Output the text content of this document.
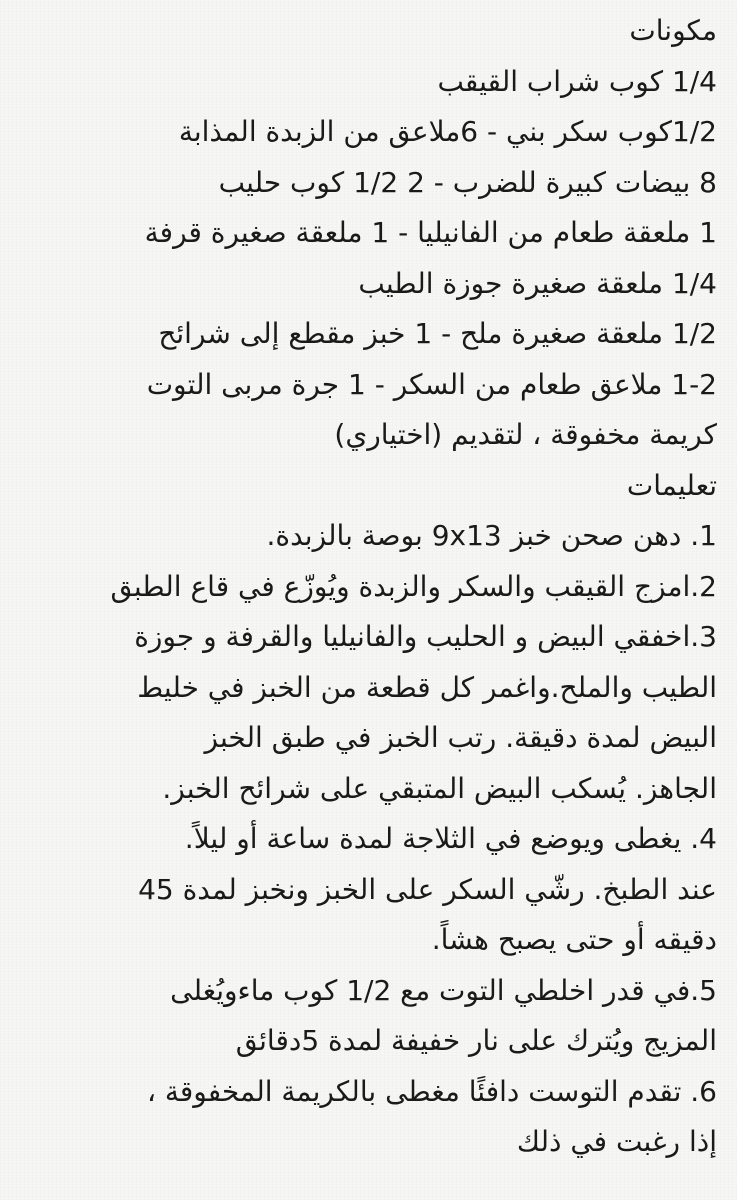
مكونات
1/4 كوب شراب القيقب
1/2كوب سكر بني - 6ملاعق من الزبدة المذابة
8 بيضات كبيرة للضرب - 2 1/2 كوب حليب
1 ملعقة طعام من الفانيليا - 1 ملعقة صغيرة قرفة
1/4 ملعقة صغيرة جوزة الطيب
1/2 ملعقة صغيرة ملح - 1 خبز مقطع إلى شرائح
1-2 ملاعق طعام من السكر - 1 جرة مربى التوت
كريمة مخفوقة ، لتقديم (اختياري)
تعليمات
1. دهن صحن خبز 9x13 بوصة بالزبدة.
2.امزج القيقب والسكر والزبدة ويُوزّع في قاع الطبق
3.اخفقي البيض و الحليب والفانيليا والقرفة و جوزة
الطيب والملح.واغمر كل قطعة من الخبز في خليط
البيض لمدة دقيقة. رتب الخبز في طبق الخبز
الجاهز. يُسكب البيض المتبقي على شرائح الخبز.
4. يغطى ويوضع في الثلاجة لمدة ساعة أو ليلاً.
عند الطبخ. رشّي السكر على الخبز ونخبز لمدة 45
دقيقه أو حتى يصبح هشاً.
5.في قدر اخلطي التوت مع 1/2 كوب ماءويُغلى
المزيج ويُترك على نار خفيفة لمدة 5دقائق
6. تقدم التوست دافئًا مغطى بالكريمة المخفوقة ،
إذا رغبت في ذلك
